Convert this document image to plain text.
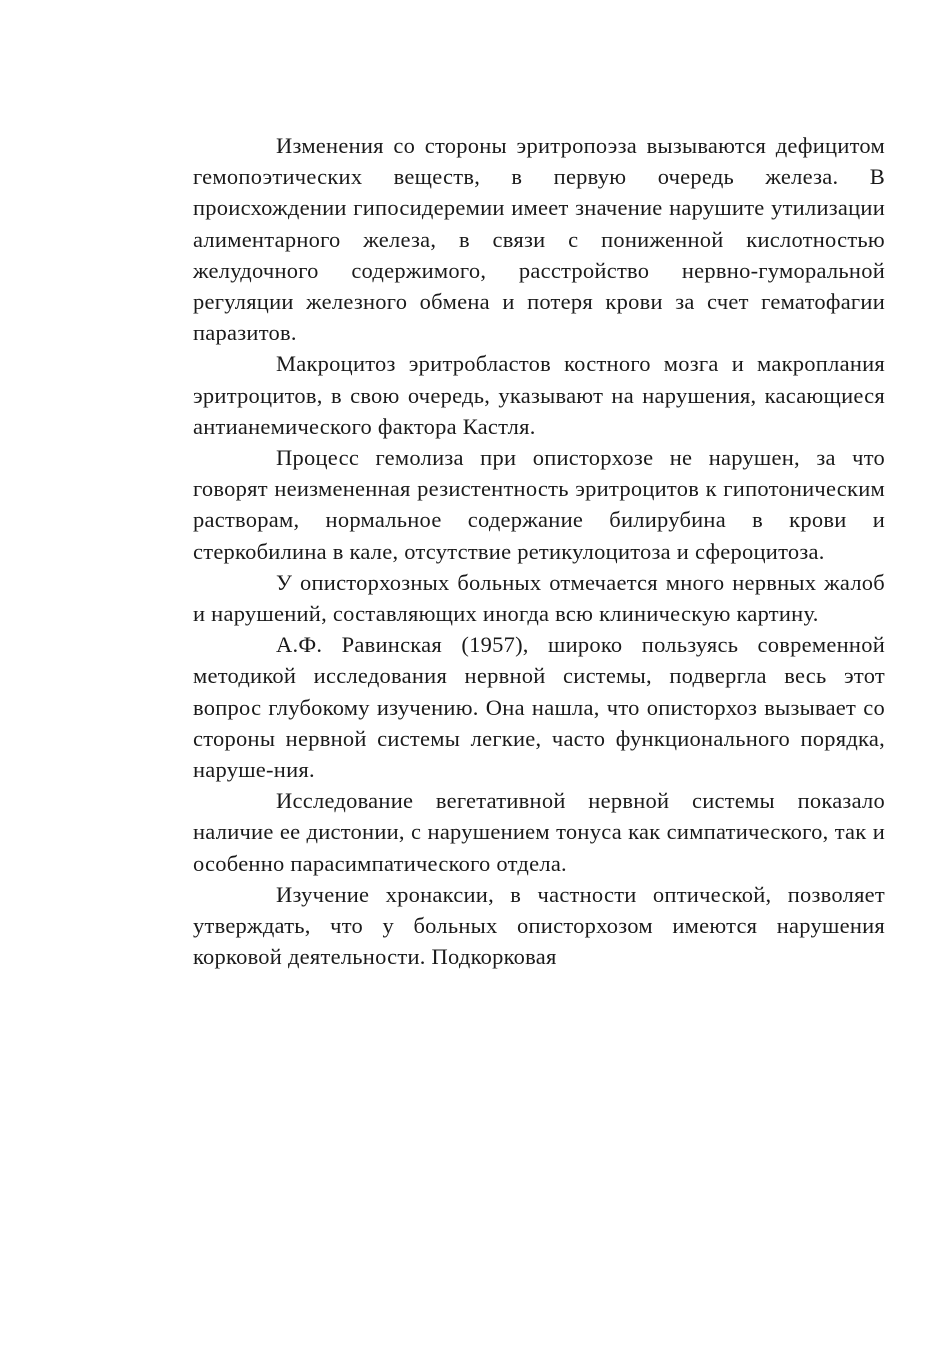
Изменения со стороны эритропоэза вызываются дефицитом гемопоэтических веществ, в первую очередь железа. В происхождении гипосидеремии имеет значение нарушите утилизации алиментарного железа, в связи с пониженной кислотностью желудочного содержимого, расстройство нервно-гуморальной регуляции железного обмена и потеря крови за счет гематофагии паразитов.

Макроцитоз эритробластов костного мозга и макроплания эритроцитов, в свою очередь, указывают на нарушения, касающиеся антианемического фактора Кастля.

Процесс гемолиза при описторхозе не нарушен, за что говорят неизмененная резистентность эритроцитов к гипотоническим растворам, нормальное содержание билирубина в крови и стеркобилина в кале, отсутствие ретикулоцитоза и сфероцитоза.

У описторхозных больных отмечается много нервных жалоб и нарушений, составляющих иногда всю клиническую картину.

А.Ф. Равинская (1957), широко пользуясь современной методикой исследования нервной системы, подвергла весь этот вопрос глубокому изучению. Она нашла, что описторхоз вызывает со стороны нервной системы легкие, часто функционального порядка, наруше-ния.

Исследование вегетативной нервной системы показало наличие ее дистонии, с нарушением тонуса как симпатического, так и особенно парасимпатического отдела.

Изучение хронаксии, в частности оптической, позволяет утверждать, что у больных описторхозом имеются нарушения корковой деятельности. Подкорковая
